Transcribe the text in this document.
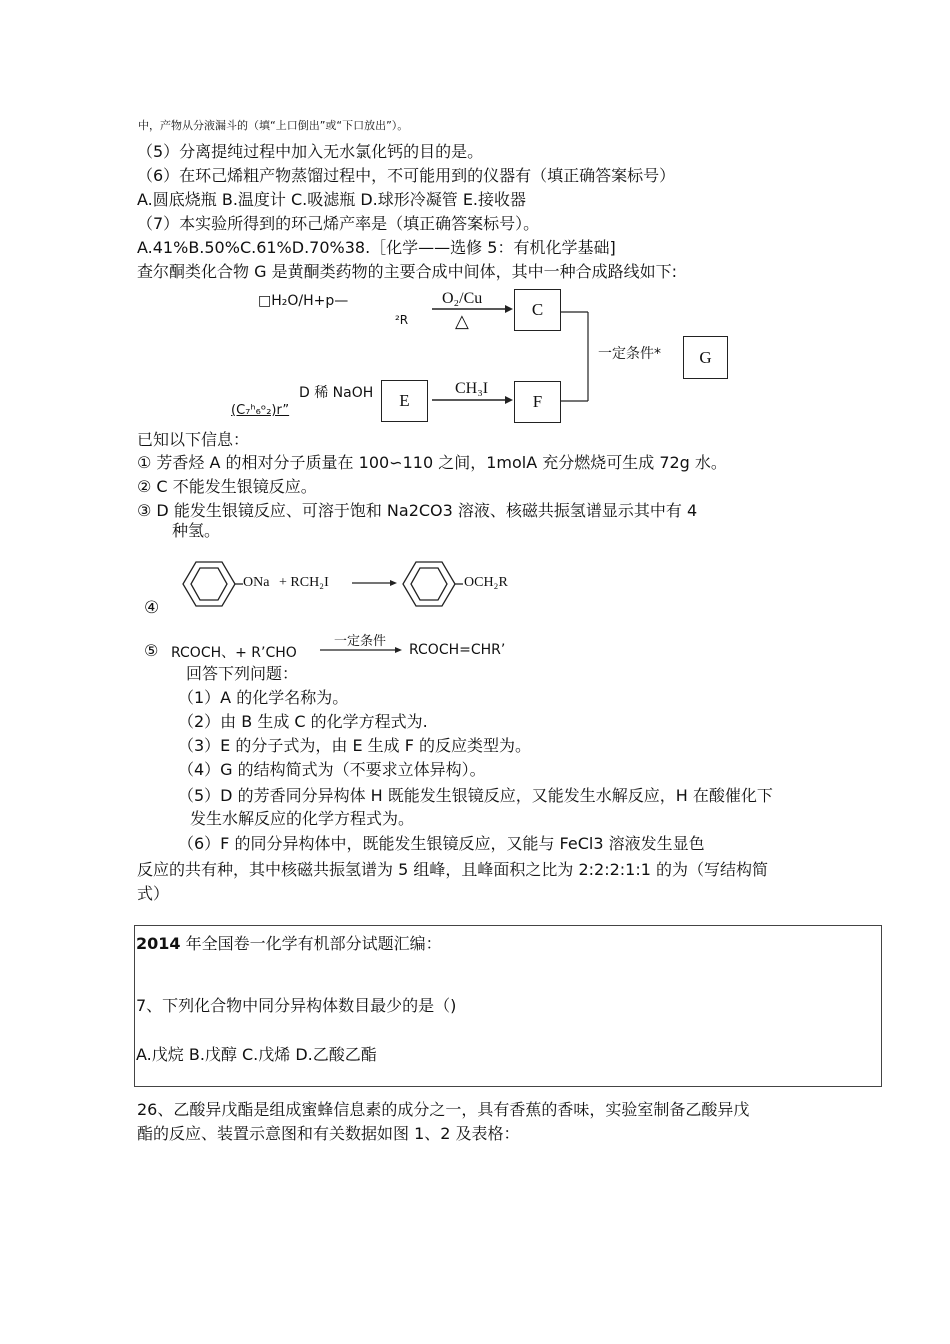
中，产物从分液漏斗的（填“上口倒出”或“下口放出”）。
（5）分离提纯过程中加入无水氯化钙的目的是。
（6）在环己烯粗产物蒸馏过程中，不可能用到的仪器有（填正确答案标号）
A.圆底烧瓶 B.温度计 C.吸滤瓶 D.球形冷凝管 E.接收器
（7）本实验所得到的环己烯产率是（填正确答案标号）。
A.41%B.50%C.61%D.70%38.［化学——选修 5：有机化学基础]
查尔酮类化合物 G 是黄酮类药物的主要合成中间体，其中一种合成路线如下:
□H₂O/H+p—
²R
O₂/Cu
△
C
一定条件*	G
D 稀 NaOH
(C₇ʰ₆ᵒ₂)r”
E
CH₃I
F
已知以下信息：
① 芳香烃 A 的相对分子质量在 100∽110 之间，1molA 充分燃烧可生成 72g 水。
② C 不能发生银镜反应。
③ D 能发生银镜反应、可溶于饱和 Na2CO3 溶液、核磁共振氢谱显示其中有 4
种氢。
④
ONa + RCH₂I	OCH₂R
⑤ RCOCH、+ R’CHO
一定条件
RCOCH=CHR’
回答下列问题：
（1）A 的化学名称为。
（2）由 B 生成 C 的化学方程式为.
（3）E 的分子式为，由 E 生成 F 的反应类型为。
（4）G 的结构简式为（不要求立体异构）。
（5）D 的芳香同分异构体 H 既能发生银镜反应，又能发生水解反应，H 在酸催化下
发生水解反应的化学方程式为。
（6）F 的同分异构体中，既能发生银镜反应，又能与 FeCl3 溶液发生显色
反应的共有种，其中核磁共振氢谱为 5 组峰，且峰面积之比为 2:2:2:1:1 的为（写结构简
式）
2014 年全国卷一化学有机部分试题汇编：
7、下列化合物中同分异构体数目最少的是（)
A.戊烷 B.戊醇 C.戊烯 D.乙酸乙酯
26、乙酸异戊酯是组成蜜蜂信息素的成分之一，具有香蕉的香味，实验室制备乙酸异戊
酯的反应、装置示意图和有关数据如图 1、2 及表格：
